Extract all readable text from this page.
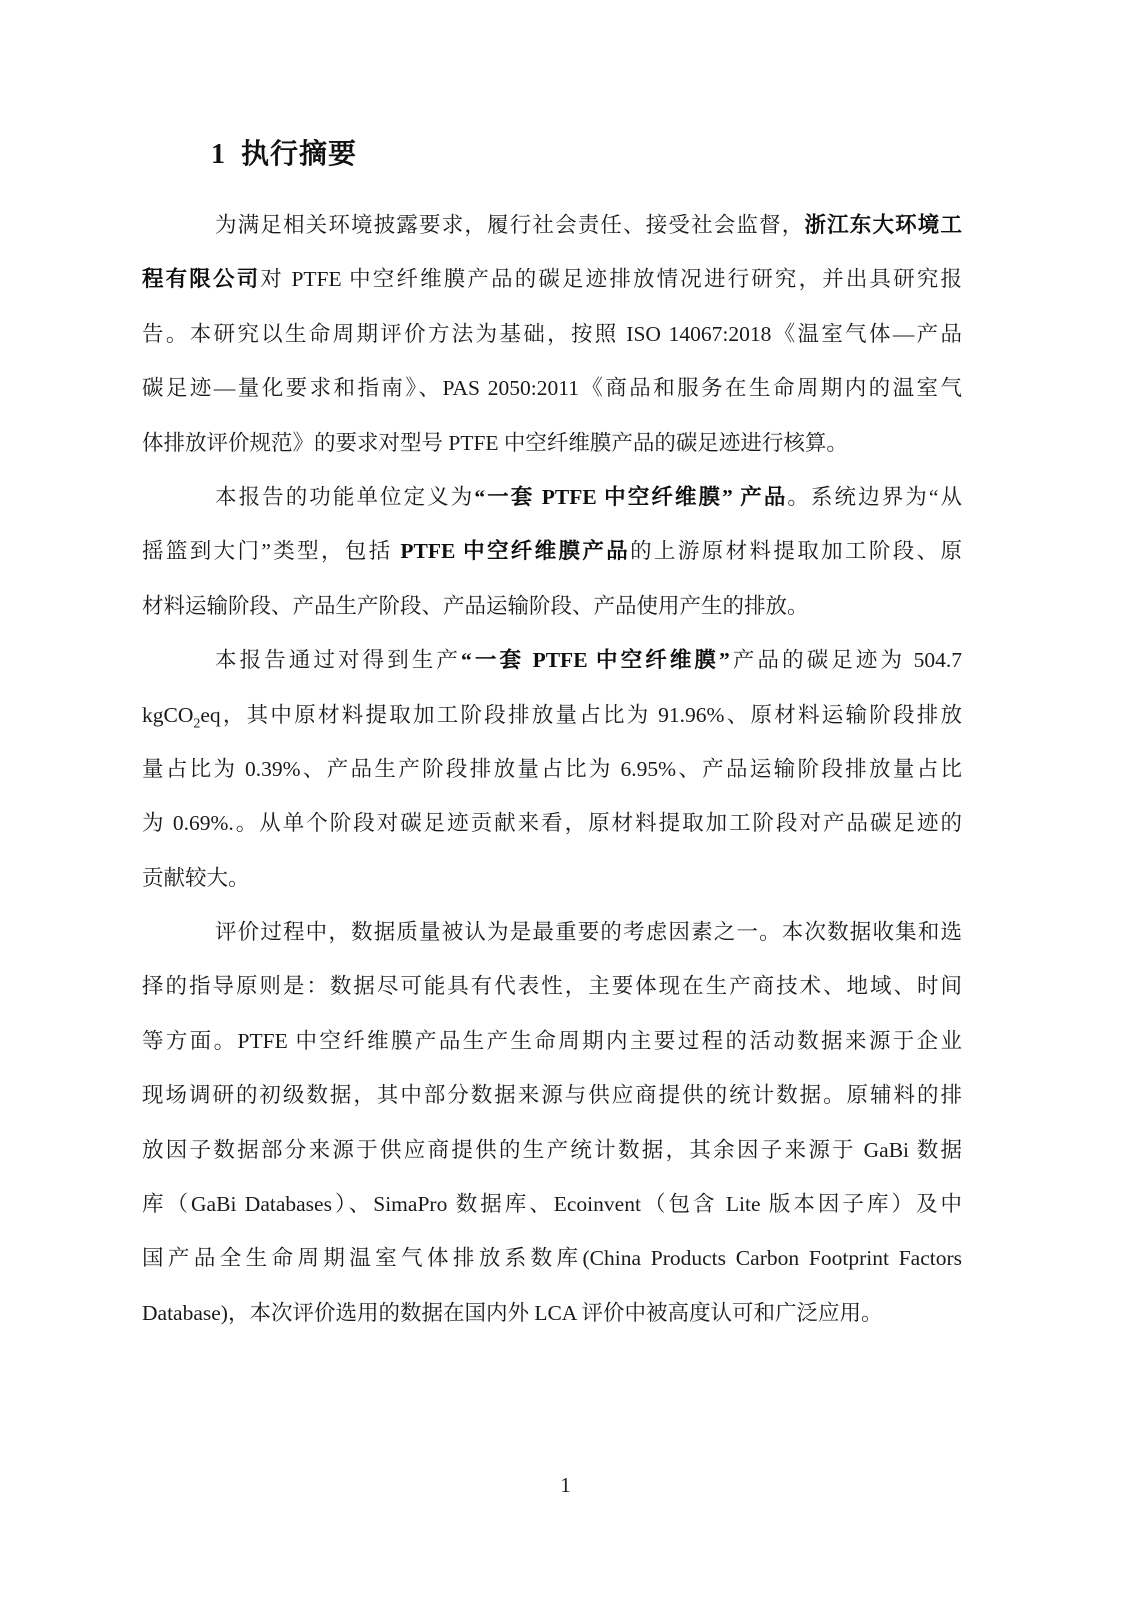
1 执行摘要
为满足相关环境披露要求，履行社会责任、接受社会监督，浙江东大环境工
程有限公司对 PTFE 中空纤维膜产品的碳足迹排放情况进行研究，并出具研究报
告。本研究以生命周期评价方法为基础，按照 ISO 14067:2018《温室气体—产品
碳足迹—量化要求和指南》、PAS 2050:2011《商品和服务在生命周期内的温室气
体排放评价规范》的要求对型号 PTFE 中空纤维膜产品的碳足迹进行核算。
本报告的功能单位定义为“一套 PTFE 中空纤维膜” 产品。系统边界为“从
摇篮到大门”类型，包括 PTFE 中空纤维膜产品的上游原材料提取加工阶段、原
材料运输阶段、产品生产阶段、产品运输阶段、产品使用产生的排放。
本报告通过对得到生产“一套 PTFE 中空纤维膜”产品的碳足迹为 504.7
kgCO$_2$eq，其中原材料提取加工阶段排放量占比为 91.96%、原材料运输阶段排放
量占比为 0.39%、产品生产阶段排放量占比为 6.95%、产品运输阶段排放量占比
为 0.69%.。从单个阶段对碳足迹贡献来看，原材料提取加工阶段对产品碳足迹的
贡献较大。
评价过程中，数据质量被认为是最重要的考虑因素之一。本次数据收集和选
择的指导原则是：数据尽可能具有代表性，主要体现在生产商技术、地域、时间
等方面。PTFE 中空纤维膜产品生产生命周期内主要过程的活动数据来源于企业
现场调研的初级数据，其中部分数据来源与供应商提供的统计数据。原辅料的排
放因子数据部分来源于供应商提供的生产统计数据，其余因子来源于 GaBi 数据
库（GaBi Databases）、SimaPro 数据库、Ecoinvent（包含 Lite 版本因子库）及中
国产品全生命周期温室气体排放系数库(China Products Carbon Footprint Factors
Database)，本次评价选用的数据在国内外 LCA 评价中被高度认可和广泛应用。
1
